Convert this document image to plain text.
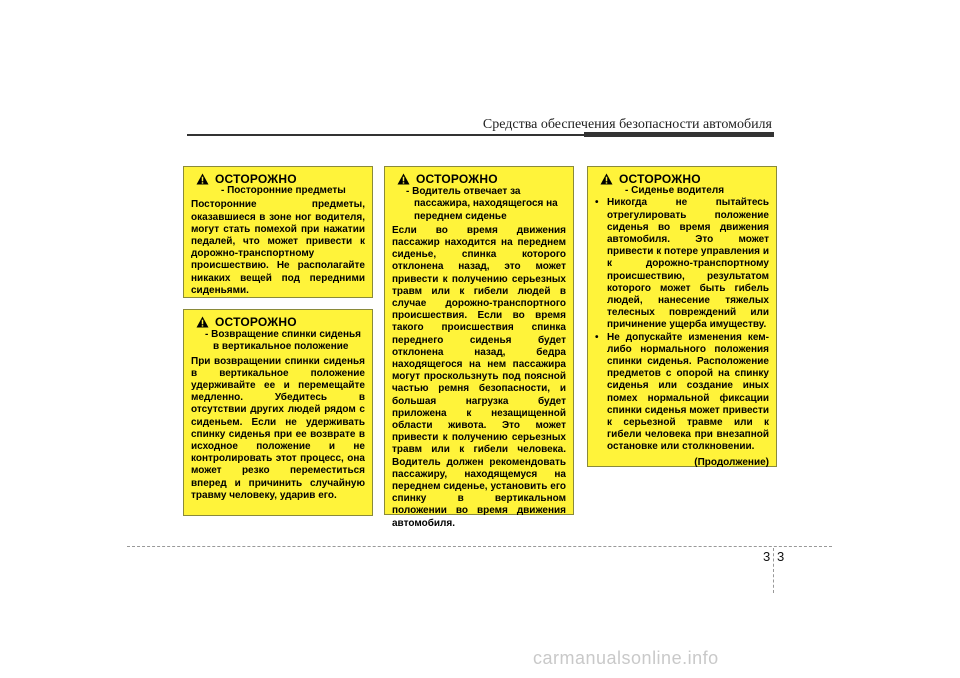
Средства обеспечения безопасности автомобиля
ОСТОРОЖНО
- Посторонние предметы
Посторонние предметы, оказавшиеся в зоне ног водителя, могут стать помехой при нажатии педалей, что может привести к дорожно-транспортному происшествию. Не располагайте никаких вещей под передними сиденьями.
ОСТОРОЖНО
- Возвращение спинки сиденья в вертикальное положение
При возвращении спинки сиденья в вертикальное положение удерживайте ее и перемещайте медленно. Убедитесь в отсутствии других людей рядом с сиденьем. Если не удерживать спинку сиденья при ее возврате в исходное положение и не контролировать этот процесс, она может резко переместиться вперед и причинить случайную травму человеку, ударив его.
ОСТОРОЖНО
- Водитель отвечает за пассажира, находящегося на переднем сиденье
Если во время движения пассажир находится на переднем сиденье, спинка которого отклонена назад, это может привести к получению серьезных травм или к гибели людей в случае дорожно-транспортного происшествия. Если во время такого происшествия спинка переднего сиденья будет отклонена назад, бедра находящегося на нем пассажира могут проскользнуть под поясной частью ремня безопасности, и большая нагрузка будет приложена к незащищенной области живота. Это может привести к получению серьезных травм или к гибели человека. Водитель должен рекомендовать пассажиру, находящемуся на переднем сиденье, установить его спинку в вертикальном положении во время движения автомобиля.
ОСТОРОЖНО
- Сиденье водителя
• Никогда не пытайтесь отрегулировать положение сиденья во время движения автомобиля. Это может привести к потере управления и к дорожно-транспортному происшествию, результатом которого может быть гибель людей, нанесение тяжелых телесных повреждений или причинение ущерба имуществу.
• Не допускайте изменения кем-либо нормального положения спинки сиденья. Расположение предметов с опорой на спинку сиденья или создание иных помех нормальной фиксации спинки сиденья может привести к серьезной травме или к гибели человека при внезапной остановке или столкновении.
(Продолжение)
3 3
carmanualsonline.info
